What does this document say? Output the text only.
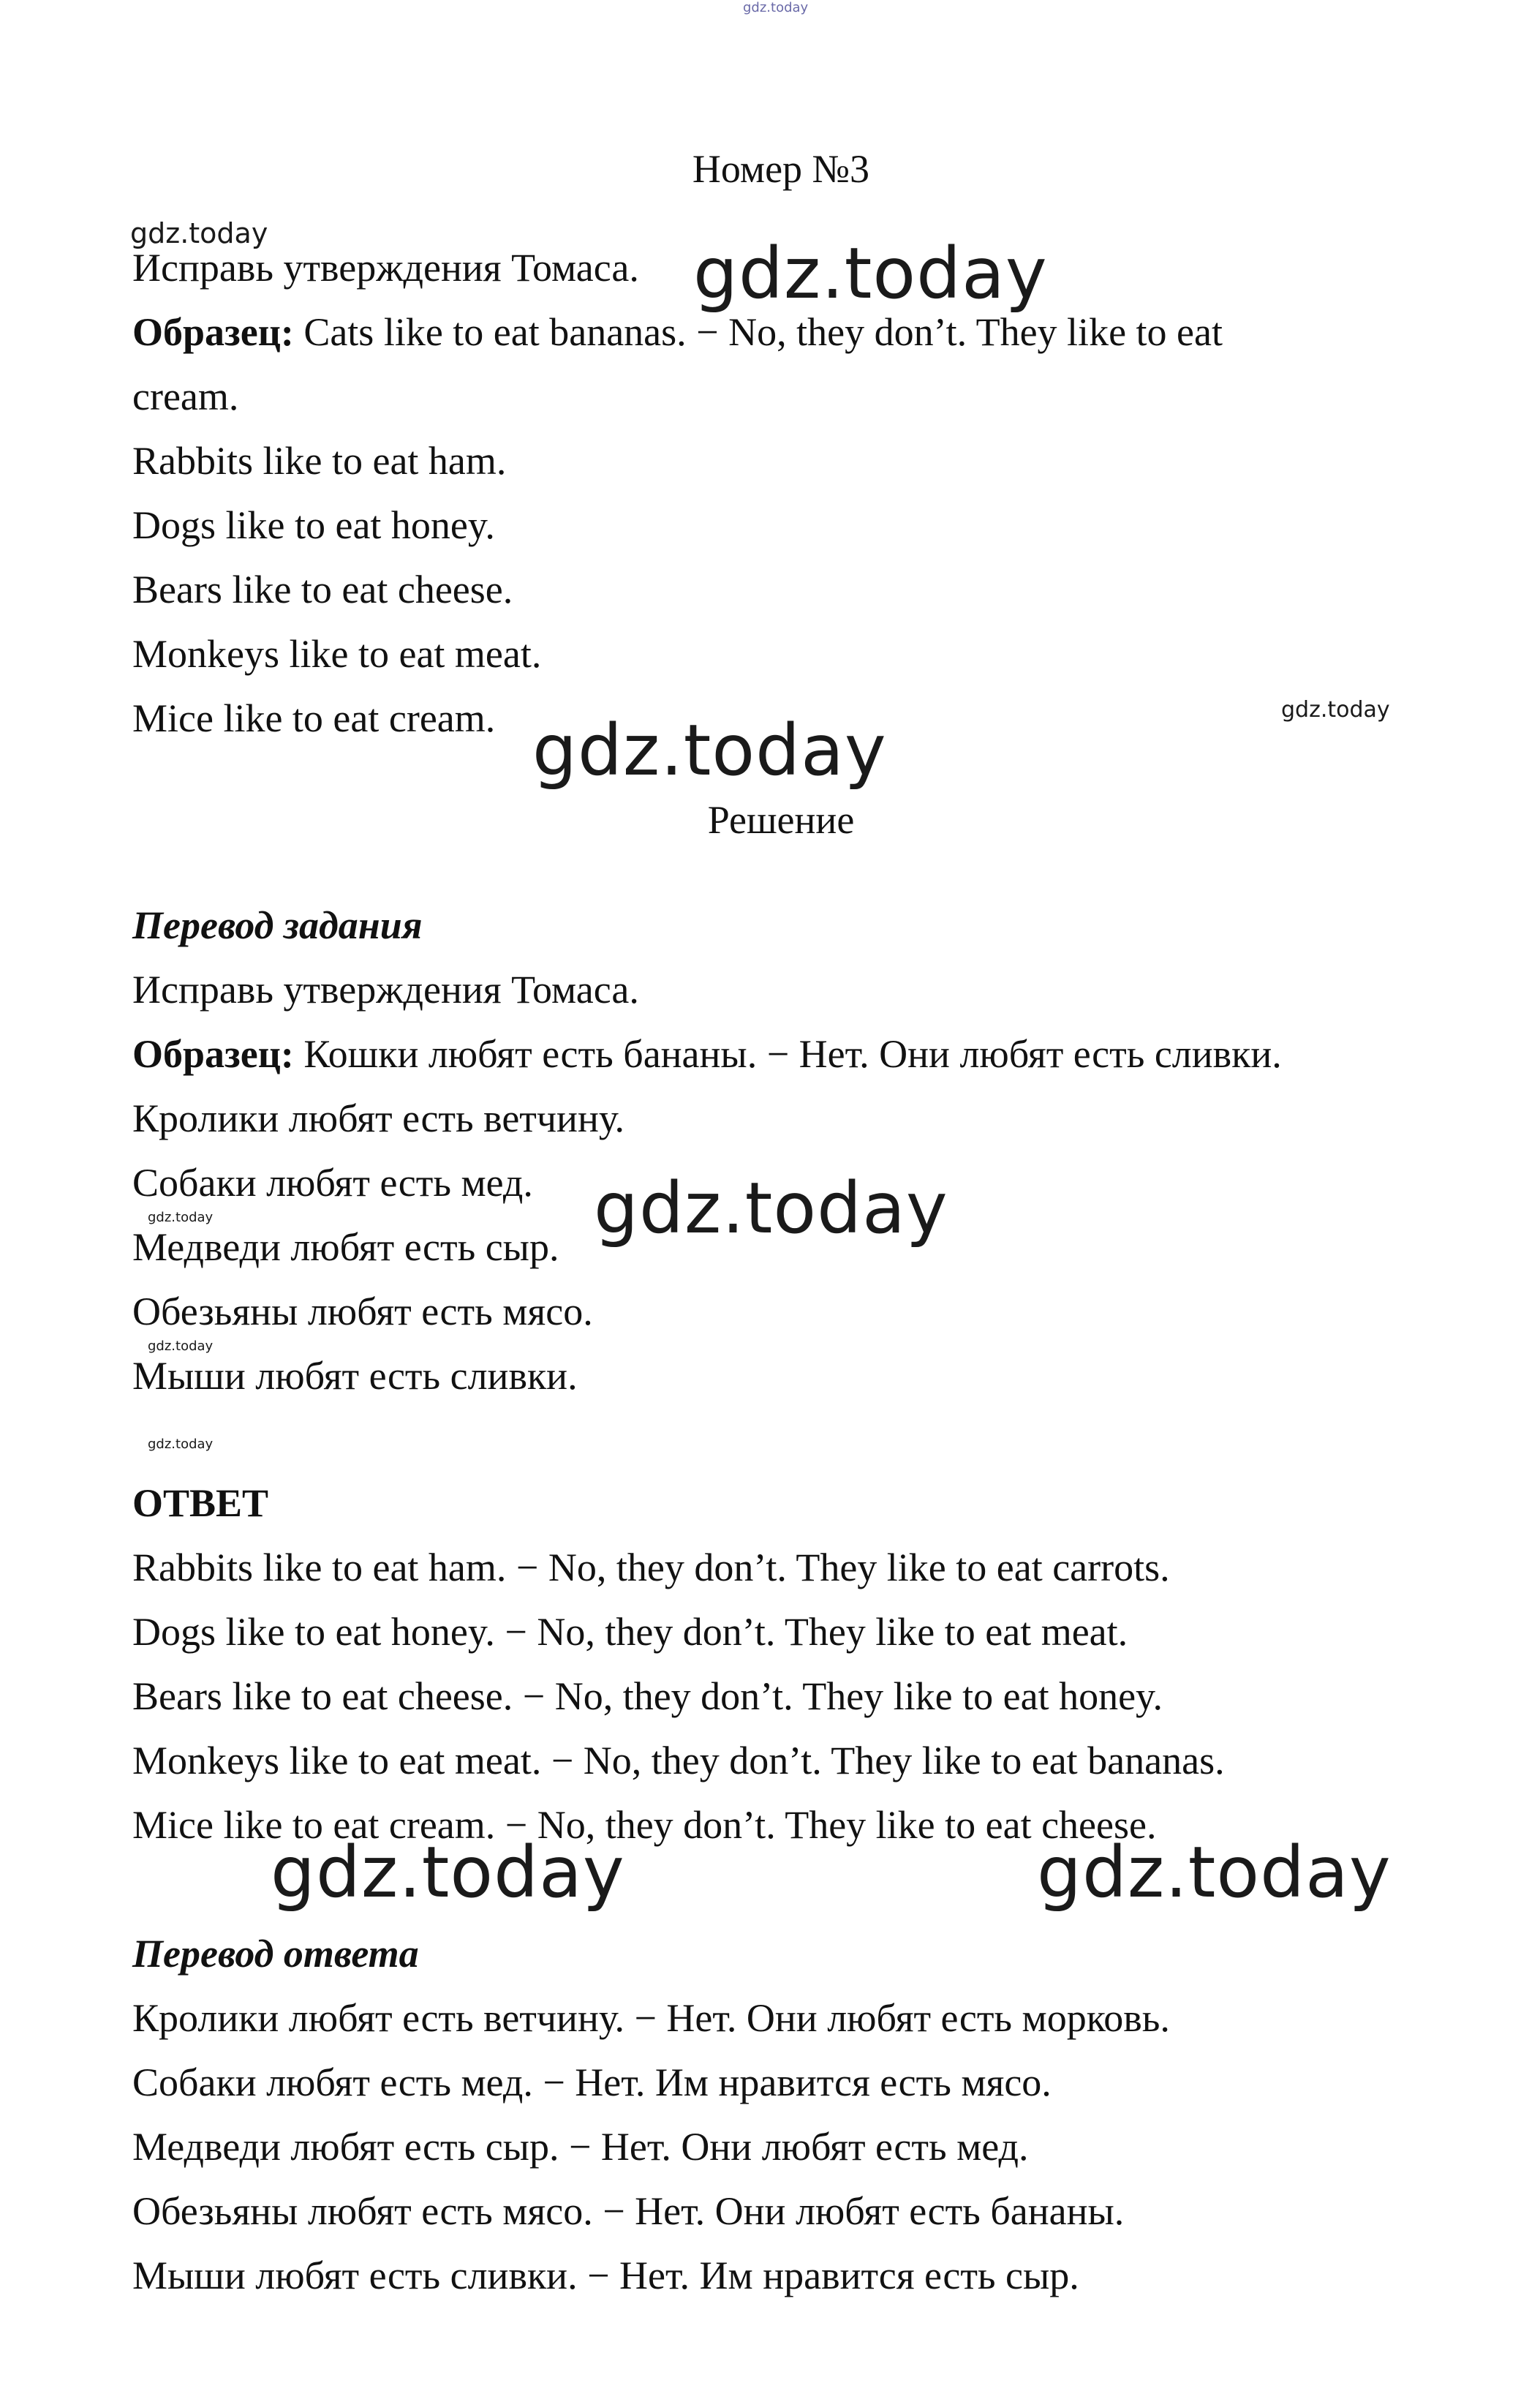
gdz.today
gdz.today	gdz.today
gdz.today
gdz.today
gdz.today	gdz.today
gdz.today
gdz.today
gdz.today	gdz.today
Номер №3
Исправь утверждения Томаса.
Образец: Cats like to eat bananas. − No, they don’t. They like to eat
cream.
Rabbits like to eat ham.
Dogs like to eat honey.
Bears like to eat cheese.
Monkeys like to eat meat.
Mice like to eat cream.
Решение
Перевод задания
Исправь утверждения Томаса.
Образец: Кошки любят есть бананы. − Нет. Они любят есть сливки.
Кролики любят есть ветчину.
Собаки любят есть мед.
Медведи любят есть сыр.
Обезьяны любят есть мясо.
Мыши любят есть сливки.
ОТВЕТ
Rabbits like to eat ham. − No, they don’t. They like to eat carrots.
Dogs like to eat honey. − No, they don’t. They like to eat meat.
Bears like to eat cheese. − No, they don’t. They like to eat honey.
Monkeys like to eat meat. − No, they don’t. They like to eat bananas.
Mice like to eat cream. − No, they don’t. They like to eat cheese.
Перевод ответа
Кролики любят есть ветчину. − Нет. Они любят есть морковь.
Собаки любят есть мед. − Нет. Им нравится есть мясо.
Медведи любят есть сыр. − Нет. Они любят есть мед.
Обезьяны любят есть мясо. − Нет. Они любят есть бананы.
Мыши любят есть сливки. − Нет. Им нравится есть сыр.
